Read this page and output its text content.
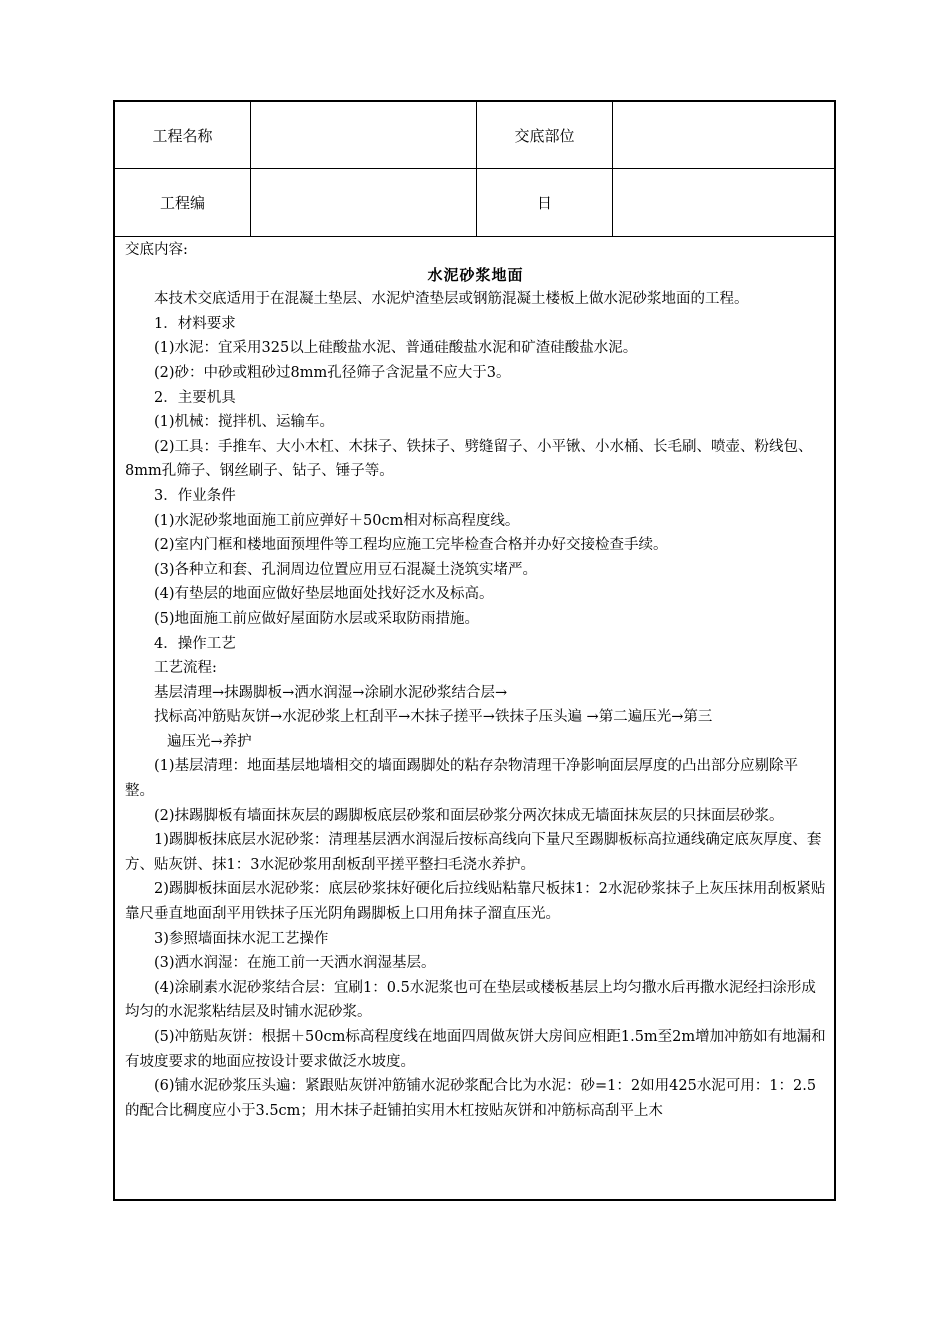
工程名称	交底部位
工程编	日

交底内容:

水泥砂浆地面

本技术交底适用于在混凝土垫层、水泥炉渣垫层或钢筋混凝土楼板上做水泥砂浆地面的工程。

1．材料要求

(1)水泥：宜采用325以上硅酸盐水泥、普通硅酸盐水泥和矿渣硅酸盐水泥。

(2)砂：中砂或粗砂过8mm孔径筛子含泥量不应大于3。

2．主要机具

(1)机械：搅拌机、运输车。

(2)工具：手推车、大小木杠、木抹子、铁抹子、劈缝留子、小平锹、小水桶、长毛刷、喷壶、粉线包、8mm孔筛子、钢丝刷子、钻子、锤子等。

3．作业条件

(1)水泥砂浆地面施工前应弹好＋50cm相对标高程度线。

(2)室内门框和楼地面预埋件等工程均应施工完毕检查合格并办好交接检查手续。

(3)各种立和套、孔洞周边位置应用豆石混凝土浇筑实堵严。

(4)有垫层的地面应做好垫层地面处找好泛水及标高。

(5)地面施工前应做好屋面防水层或采取防雨措施。

4．操作工艺

工艺流程:

基层清理→抹踢脚板→洒水润湿→涂刷水泥砂浆结合层→

找标高冲筋贴灰饼→水泥砂浆上杠刮平→木抹子搓平→铁抹子压头遍 →第二遍压光→第三

遍压光→养护

(1)基层清理：地面基层地墙相交的墙面踢脚处的粘存杂物清理干净影响面层厚度的凸出部分应剔除平整。

(2)抹踢脚板有墙面抹灰层的踢脚板底层砂浆和面层砂浆分两次抹成无墙面抹灰层的只抹面层砂浆。

1)踢脚板抹底层水泥砂浆：清理基层洒水润湿后按标高线向下量尺至踢脚板标高拉通线确定底灰厚度、套方、贴灰饼、抹1：3水泥砂浆用刮板刮平搓平整扫毛浇水养护。

2)踢脚板抹面层水泥砂浆：底层砂浆抹好硬化后拉线贴粘靠尺板抹1：2水泥砂浆抹子上灰压抹用刮板紧贴靠尺垂直地面刮平用铁抹子压光阴角踢脚板上口用角抹子溜直压光。

3)参照墙面抹水泥工艺操作

(3)洒水润湿：在施工前一天洒水润湿基层。

(4)涂刷素水泥砂浆结合层：宜刷1：0.5水泥浆也可在垫层或楼板基层上均匀撒水后再撒水泥经扫涂形成均匀的水泥浆粘结层及时铺水泥砂浆。

(5)冲筋贴灰饼：根据＋50cm标高程度线在地面四周做灰饼大房间应相距1.5m至2m增加冲筋如有地漏和有坡度要求的地面应按设计要求做泛水坡度。

(6)铺水泥砂浆压头遍：紧跟贴灰饼冲筋铺水泥砂浆配合比为水泥：砂=1：2如用425水泥可用：1：2.5的配合比稠度应小于3.5cm；用木抹子赶铺拍实用木杠按贴灰饼和冲筋标高刮平上木
